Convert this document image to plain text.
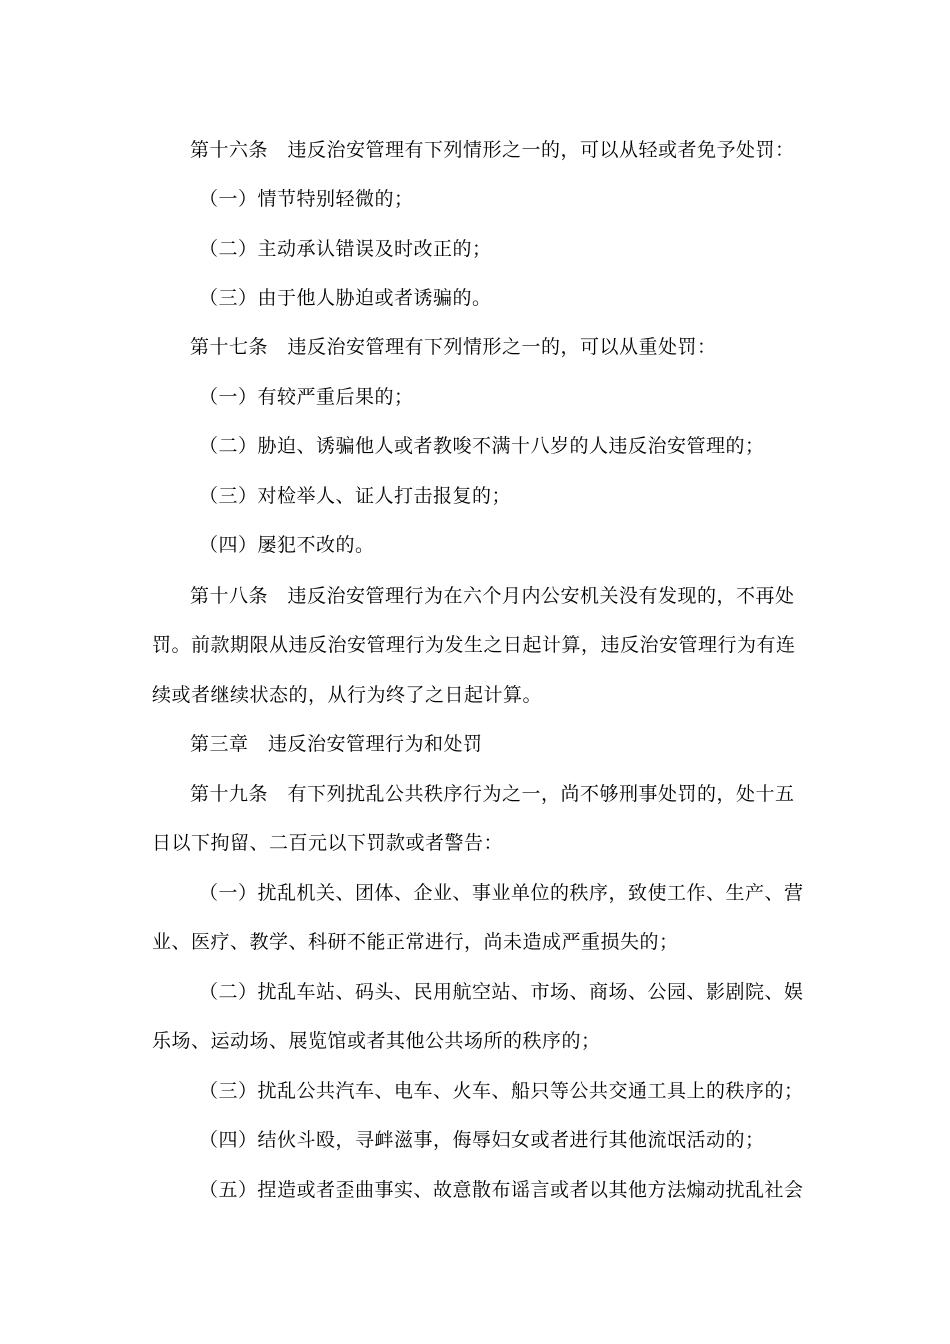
第十六条　违反治安管理有下列情形之一的，可以从轻或者免予处罚：

（一）情节特别轻微的；

（二）主动承认错误及时改正的；

（三）由于他人胁迫或者诱骗的。

第十七条　违反治安管理有下列情形之一的，可以从重处罚：

（一）有较严重后果的；

（二）胁迫、诱骗他人或者教唆不满十八岁的人违反治安管理的；

（三）对检举人、证人打击报复的；

（四）屡犯不改的。

第十八条　违反治安管理行为在六个月内公安机关没有发现的，不再处

罚。前款期限从违反治安管理行为发生之日起计算，违反治安管理行为有连

续或者继续状态的，从行为终了之日起计算。

第三章　违反治安管理行为和处罚

第十九条　有下列扰乱公共秩序行为之一，尚不够刑事处罚的，处十五

日以下拘留、二百元以下罚款或者警告：

（一）扰乱机关、团体、企业、事业单位的秩序，致使工作、生产、营

业、医疗、教学、科研不能正常进行，尚未造成严重损失的；

（二）扰乱车站、码头、民用航空站、市场、商场、公园、影剧院、娱

乐场、运动场、展览馆或者其他公共场所的秩序的；

（三）扰乱公共汽车、电车、火车、船只等公共交通工具上的秩序的；

（四）结伙斗殴，寻衅滋事，侮辱妇女或者进行其他流氓活动的；

（五）捏造或者歪曲事实、故意散布谣言或者以其他方法煽动扰乱社会
